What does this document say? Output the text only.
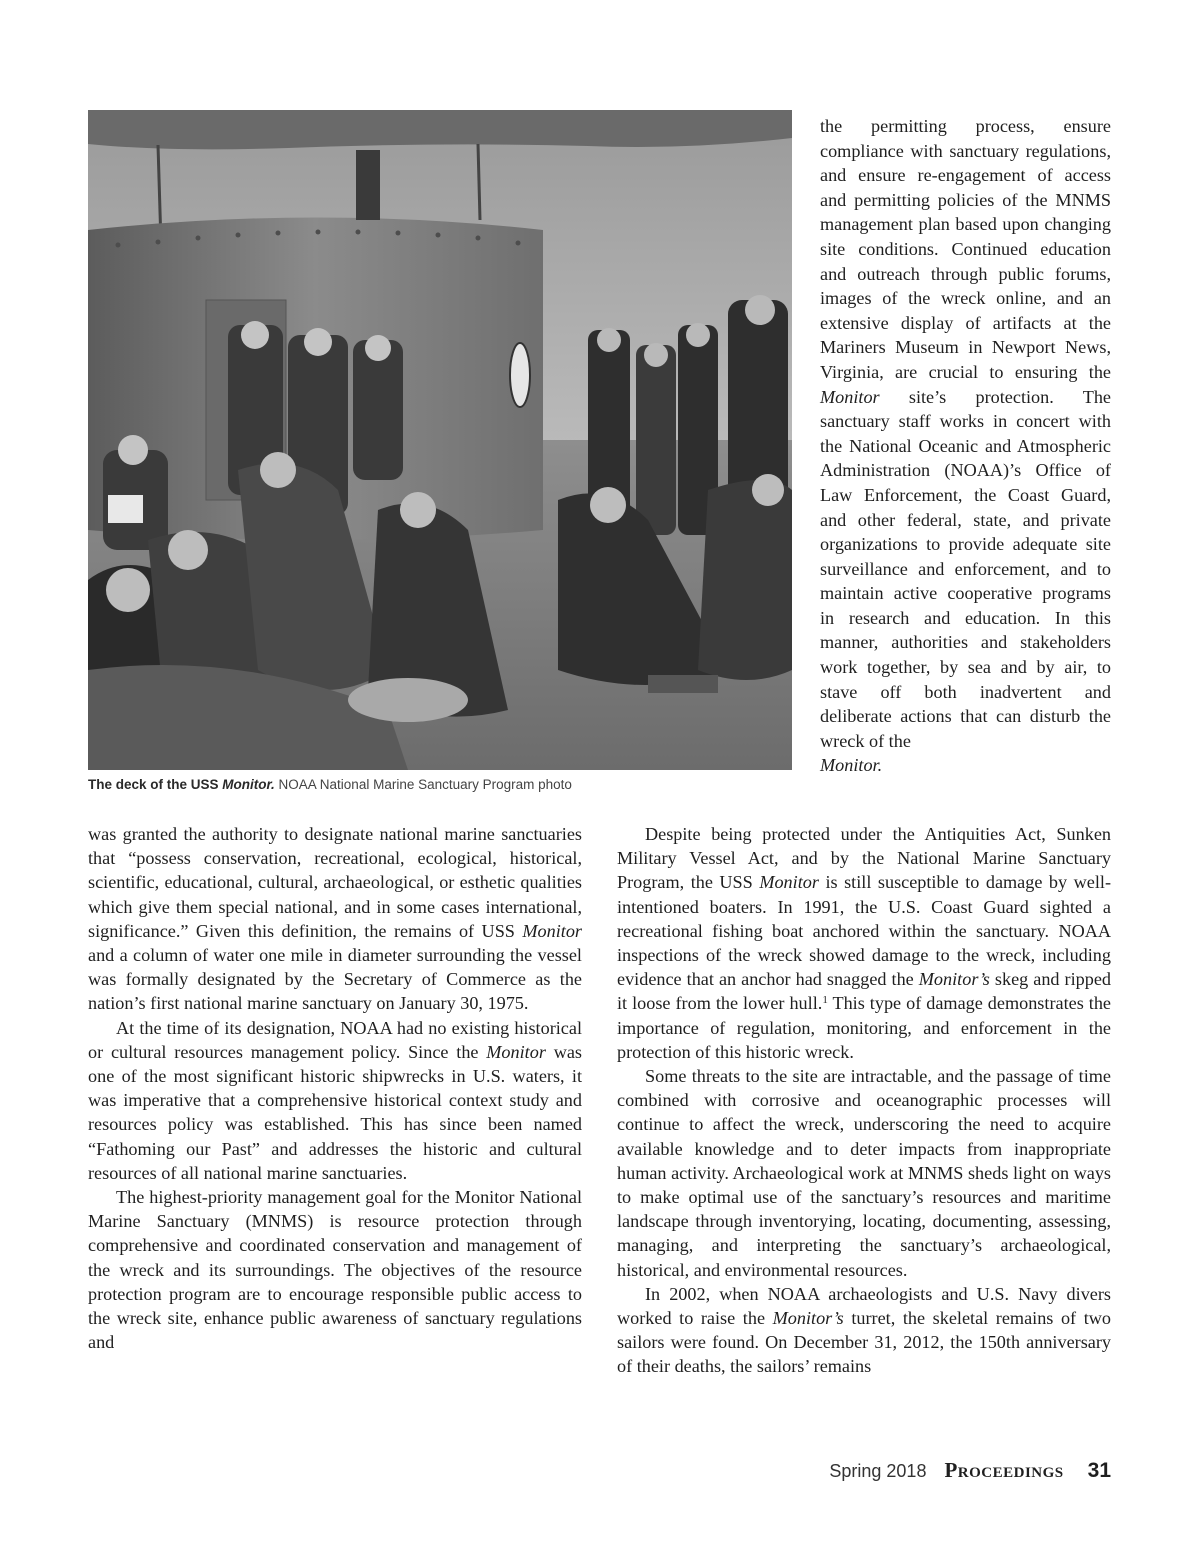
The deck of the USS Monitor. NOAA National Marine Sanctuary Program photo

the permitting process, ensure compliance with sanctuary regulations, and ensure re-engagement of access and permitting policies of the MNMS management plan based upon changing site conditions. Continued education and outreach through public forums, images of the wreck online, and an extensive display of artifacts at the Mariners Museum in Newport News, Virginia, are crucial to ensuring the Monitor site’s protection. The sanctuary staff works in concert with the National Oceanic and Atmospheric Administration (NOAA)’s Office of Law Enforcement, the Coast Guard, and other federal, state, and private organizations to provide adequate site surveillance and enforcement, and to maintain active cooperative programs in research and education. In this manner, authorities and stakeholders work together, by sea and by air, to stave off both inadvertent and deliberate actions that can disturb the wreck of the
Monitor.

was granted the authority to designate national marine sanctuaries that “possess conservation, recreational, ecological, historical, scientific, educational, cultural, archaeological, or esthetic qualities which give them special national, and in some cases international, significance.” Given this definition, the remains of USS Monitor and a column of water one mile in diameter surrounding the vessel was formally designated by the Secretary of Commerce as the nation’s first national marine sanctuary on January 30, 1975.

At the time of its designation, NOAA had no existing historical or cultural resources management policy. Since the Monitor was one of the most significant historic shipwrecks in U.S. waters, it was imperative that a comprehensive historical context study and resources policy was established. This has since been named “Fathoming our Past” and addresses the historic and cultural resources of all national marine sanctuaries.

The highest-priority management goal for the Monitor National Marine Sanctuary (MNMS) is resource protection through comprehensive and coordinated conservation and management of the wreck and its surroundings. The objectives of the resource protection program are to encourage responsible public access to the wreck site, enhance public awareness of sanctuary regulations and

Despite being protected under the Antiquities Act, Sunken Military Vessel Act, and by the National Marine Sanctuary Program, the USS Monitor is still susceptible to damage by well-intentioned boaters. In 1991, the U.S. Coast Guard sighted a recreational fishing boat anchored within the sanctuary. NOAA inspections of the wreck showed damage to the wreck, including evidence that an anchor had snagged the Monitor’s skeg and ripped it loose from the lower hull.$^1$ This type of damage demonstrates the importance of regulation, monitoring, and enforcement in the protection of this historic wreck.

Some threats to the site are intractable, and the passage of time combined with corrosive and oceanographic processes will continue to affect the wreck, underscoring the need to acquire available knowledge and to deter impacts from inappropriate human activity. Archaeological work at MNMS sheds light on ways to make optimal use of the sanctuary’s resources and maritime landscape through inventorying, locating, documenting, assessing, managing, and interpreting the sanctuary’s archaeological, historical, and environmental resources.

In 2002, when NOAA archaeologists and U.S. Navy divers worked to raise the Monitor’s turret, the skeletal remains of two sailors were found. On December 31, 2012, the 150th anniversary of their deaths, the sailors’ remains

Spring 2018 Proceedings 31
